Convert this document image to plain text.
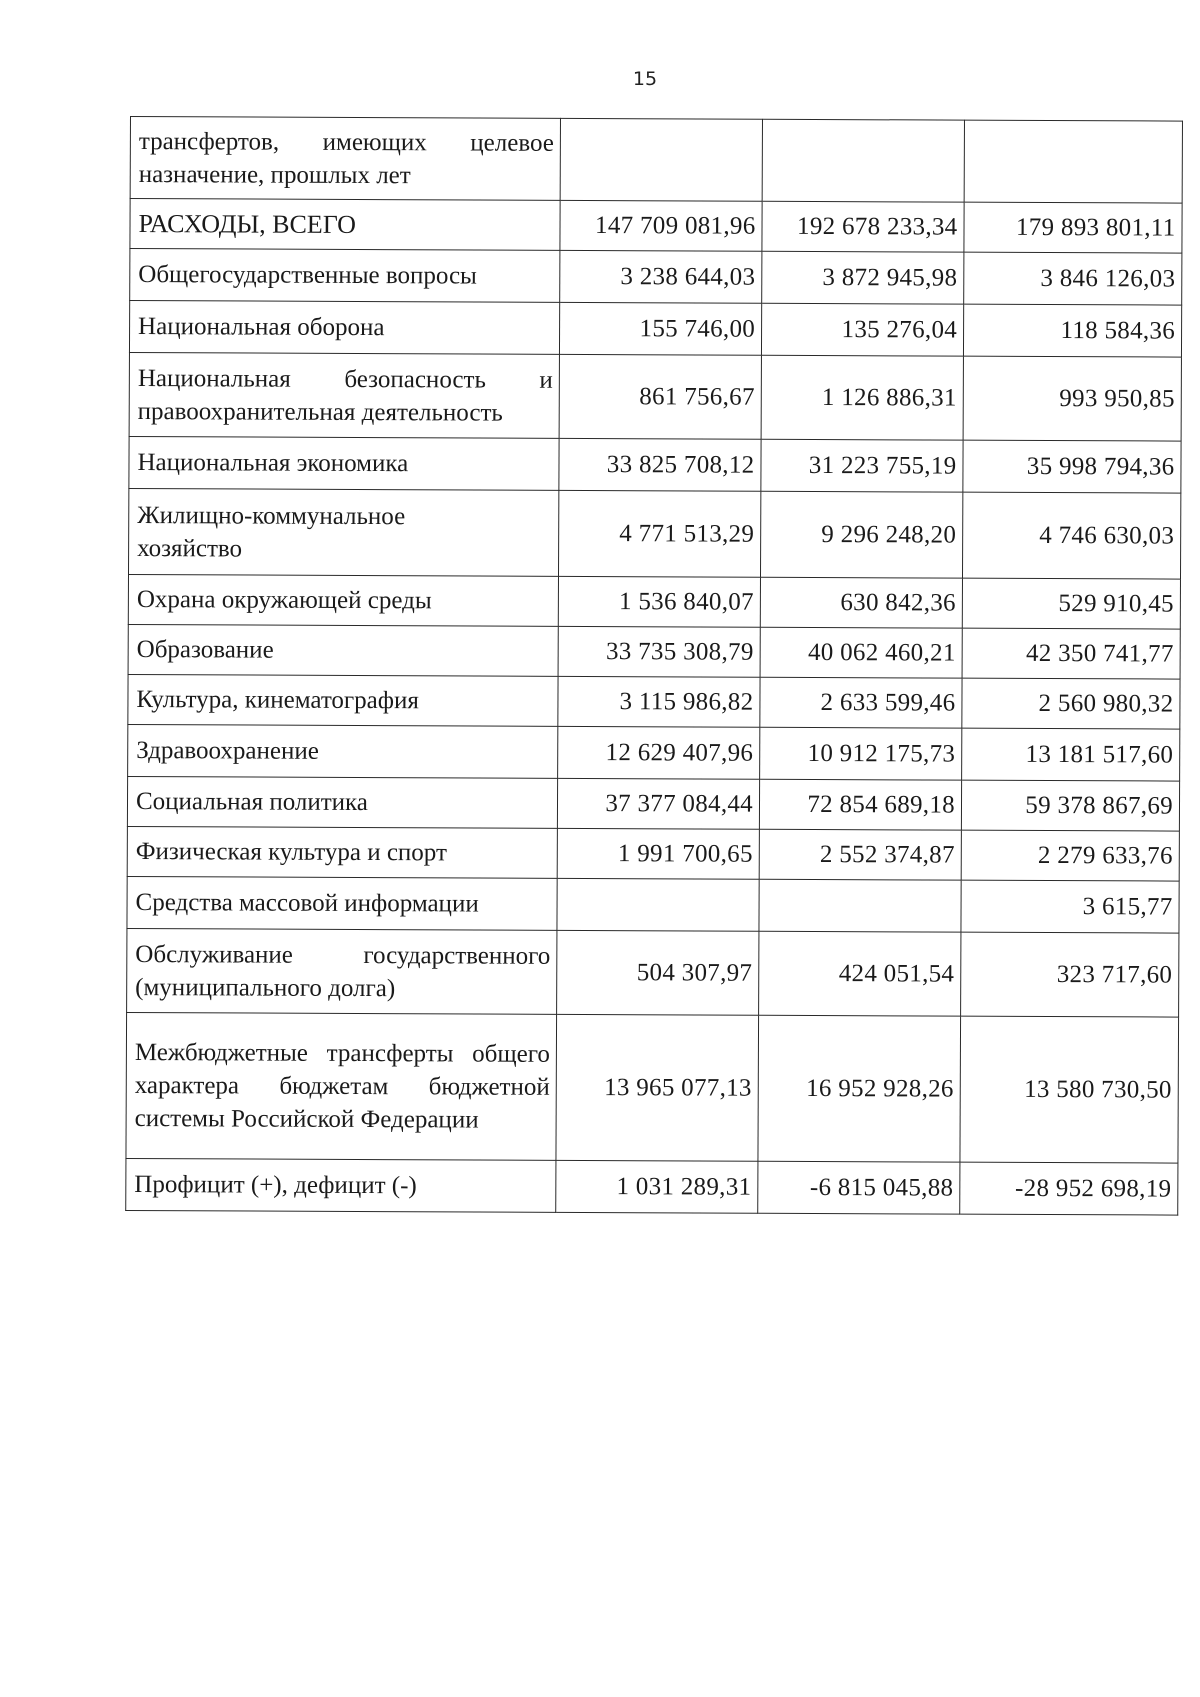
15
трансфертов, имеющих целевое назначение, прошлых лет			
РАСХОДЫ, ВСЕГО	147 709 081,96	192 678 233,34	179 893 801,11
Общегосударственные вопросы	3 238 644,03	3 872 945,98	3 846 126,03
Национальная оборона	155 746,00	135 276,04	118 584,36
Национальная безопасность и правоохранительная деятельность	861 756,67	1 126 886,31	993 950,85
Национальная экономика	33 825 708,12	31 223 755,19	35 998 794,36
Жилищно-коммунальное хозяйство	4 771 513,29	9 296 248,20	4 746 630,03
Охрана окружающей среды	1 536 840,07	630 842,36	529 910,45
Образование	33 735 308,79	40 062 460,21	42 350 741,77
Культура, кинематография	3 115 986,82	2 633 599,46	2 560 980,32
Здравоохранение	12 629 407,96	10 912 175,73	13 181 517,60
Социальная политика	37 377 084,44	72 854 689,18	59 378 867,69
Физическая культура и спорт	1 991 700,65	2 552 374,87	2 279 633,76
Средства массовой информации			3 615,77
Обслуживание государственного (муниципального долга)	504 307,97	424 051,54	323 717,60
Межбюджетные трансферты общего характера бюджетам бюджетной системы Российской Федерации	13 965 077,13	16 952 928,26	13 580 730,50
Профицит (+), дефицит (-)	1 031 289,31	-6 815 045,88	-28 952 698,19
